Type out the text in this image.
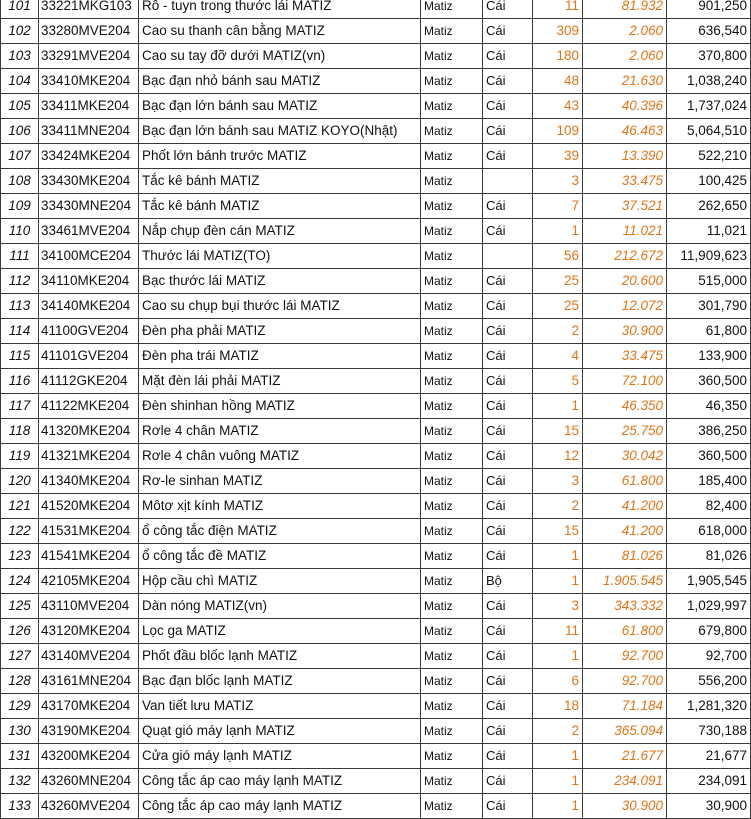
101	33221MKG103	Rô - tuyn trong thước lái MATIZ	Matiz	Cái	11	81.932	901,250
102	33280MVE204	Cao su thanh cân bằng MATIZ	Matiz	Cái	309	2.060	636,540
103	33291MVE204	Cao su tay đỡ dưới MATIZ(vn)	Matiz	Cái	180	2.060	370,800
104	33410MKE204	Bạc đạn nhỏ bánh sau MATIZ	Matiz	Cái	48	21.630	1,038,240
105	33411MKE204	Bạc đạn lớn bánh sau MATIZ	Matiz	Cái	43	40.396	1,737,024
106	33411MNE204	Bạc đạn lớn bánh sau MATIZ KOYO(Nhật)	Matiz	Cái	109	46.463	5,064,510
107	33424MKE204	Phốt lớn bánh trước MATIZ	Matiz	Cái	39	13.390	522,210
108	33430MKE204	Tắc kê bánh MATIZ	Matiz		3	33.475	100,425
109	33430MNE204	Tắc kê bánh MATIZ	Matiz	Cái	7	37.521	262,650
110	33461MVE204	Nắp chụp đèn cán MATIZ	Matiz	Cái	1	11.021	11,021
111	34100MCE204	Thước lái MATIZ(TO)	Matiz		56	212.672	11,909,623
112	34110MKE204	Bạc thước lái MATIZ	Matiz	Cái	25	20.600	515,000
113	34140MKE204	Cao su chụp bụi thước lái MATIZ	Matiz	Cái	25	12.072	301,790
114	41100GVE204	Đèn pha phải MATIZ	Matiz	Cái	2	30.900	61,800
115	41101GVE204	Đèn pha trái MATIZ	Matiz	Cái	4	33.475	133,900
116	41112GKE204	Mặt đèn lái phải MATIZ	Matiz	Cái	5	72.100	360,500
117	41122MKE204	Đèn shinhan hồng MATIZ	Matiz	Cái	1	46.350	46,350
118	41320MKE204	Rơle 4 chân MATIZ	Matiz	Cái	15	25.750	386,250
119	41321MKE204	Rơle 4 chân vuông MATIZ	Matiz	Cái	12	30.042	360,500
120	41340MKE204	Rơ-le sinhan MATIZ	Matiz	Cái	3	61.800	185,400
121	41520MKE204	Môtơ xịt kính MATIZ	Matiz	Cái	2	41.200	82,400
122	41531MKE204	ổ công tắc điện MATIZ	Matiz	Cái	15	41.200	618,000
123	41541MKE204	ổ công tắc đề MATIZ	Matiz	Cái	1	81.026	81,026
124	42105MKE204	Hộp cầu chì MATIZ	Matiz	Bộ	1	1.905.545	1,905,545
125	43110MVE204	Dàn nóng MATIZ(vn)	Matiz	Cái	3	343.332	1,029,997
126	43120MKE204	Lọc ga MATIZ	Matiz	Cái	11	61.800	679,800
127	43140MVE204	Phốt đầu blốc lạnh MATIZ	Matiz	Cái	1	92.700	92,700
128	43161MNE204	Bạc đạn blốc lạnh MATIZ	Matiz	Cái	6	92.700	556,200
129	43170MKE204	Van tiết lưu MATIZ	Matiz	Cái	18	71.184	1,281,320
130	43190MKE204	Quạt gió máy lạnh MATIZ	Matiz	Cái	2	365.094	730,188
131	43200MKE204	Cửa gió máy lạnh MATIZ	Matiz	Cái	1	21.677	21,677
132	43260MNE204	Công tắc áp cao máy lạnh MATIZ	Matiz	Cái	1	234.091	234,091
133	43260MVE204	Công tắc áp cao máy lạnh MATIZ	Matiz	Cái	1	30.900	30,900
